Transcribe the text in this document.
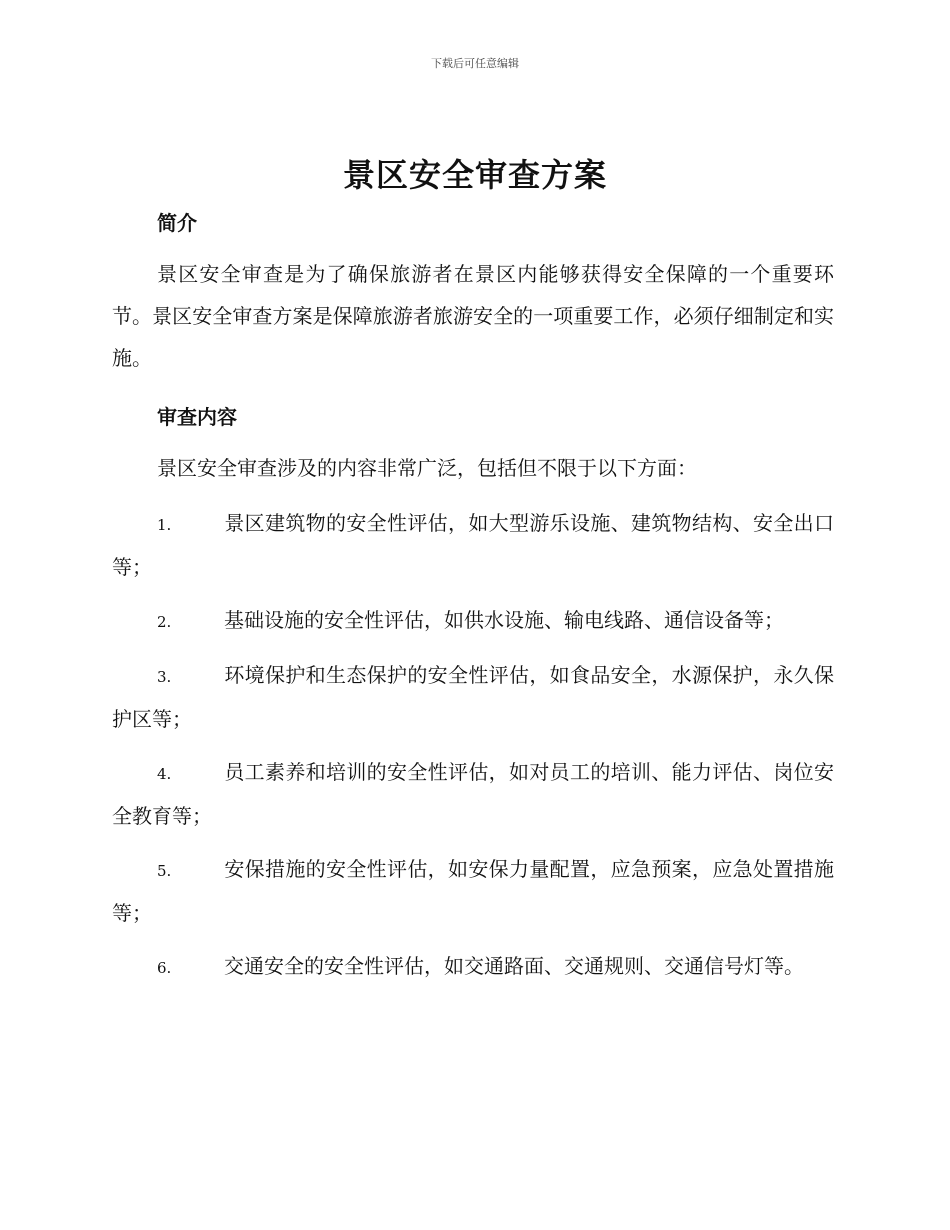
下载后可任意编辑
景区安全审查方案
简介

景区安全审查是为了确保旅游者在景区内能够获得安全保障的一个重要环节。景区安全审查方案是保障旅游者旅游安全的一项重要工作，必须仔细制定和实施。

审查内容

景区安全审查涉及的内容非常广泛，包括但不限于以下方面：

1.	景区建筑物的安全性评估，如大型游乐设施、建筑物结构、安全出口等；
2.	基础设施的安全性评估，如供水设施、输电线路、通信设备等；
3.	环境保护和生态保护的安全性评估，如食品安全，水源保护，永久保护区等；
4.	员工素养和培训的安全性评估，如对员工的培训、能力评估、岗位安全教育等；
5.	安保措施的安全性评估，如安保力量配置，应急预案，应急处置措施等；
6.	交通安全的安全性评估，如交通路面、交通规则、交通信号灯等。
